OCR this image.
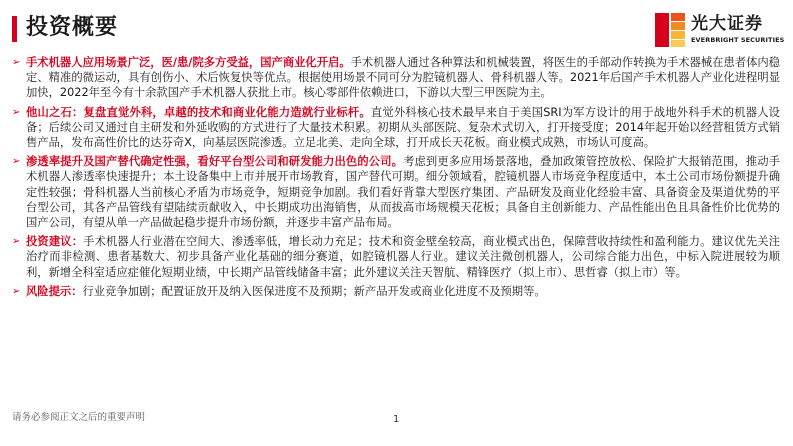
投资概要	光大证券
EVERBRIGHT SECURITIES
➢ 手术机器人应用场景广泛，医/患/院多方受益，国产商业化开启。手术机器人通过各种算法和机械装置，将医生的手部动作转换为手术器械在患者体内稳定、精准的微运动，具有创伤小、术后恢复快等优点。根据使用场景不同可分为腔镜机器人、骨科机器人等。2021年后国产手术机器人产业化进程明显加快，2022年至今有十余款国产手术机器人获批上市。核心零部件依赖进口，下游以大型三甲医院为主。
➢ 他山之石：复盘直觉外科，卓越的技术和商业化能力造就行业标杆。直觉外科核心技术最早来自于美国SRI为军方设计的用于战地外科手术的机器人设备；后续公司又通过自主研发和外延收购的方式进行了大量技术积累。初期从头部医院、复杂术式切入，打开接受度；2014年起开始以经营租赁方式销售产品，发布高性价比的达芬奇X，向基层医院渗透。立足北美、走向全球，打开成长天花板。商业模式成熟，市场认可度高。
➢ 渗透率提升及国产替代确定性强，看好平台型公司和研发能力出色的公司。考虑到更多应用场景落地，叠加政策管控放松、保险扩大报销范围，推动手术机器人渗透率快速提升；本土设备集中上市并展开市场教育，国产替代可期。细分领域看，腔镜机器人市场竞争程度适中，本土公司市场份额提升确定性较强；骨科机器人当前核心矛盾为市场竞争，短期竞争加剧。我们看好背靠大型医疗集团、产品研发及商业化经验丰富、具备资金及渠道优势的平台型公司，其各产品管线有望陆续贡献收入，中长期成功出海销售，从而拔高市场规模天花板；具备自主创新能力、产品性能出色且具备性价比优势的国产公司，有望从单一产品做起稳步提升市场份额，并逐步丰富产品布局。
➢ 投资建议：手术机器人行业潜在空间大、渗透率低，增长动力充足；技术和资金壁垒较高，商业模式出色，保障营收持续性和盈利能力。建议优先关注治疗而非检测、患者基数大、初步具备产业化基础的细分赛道，如腔镜机器人行业。建议关注微创机器人，公司综合能力出色，中标入院进展较为顺利，新增全科室适应症催化短期业绩，中长期产品管线储备丰富；此外建议关注天智航、精锋医疗（拟上市）、思哲睿（拟上市）等。
➢ 风险提示：行业竞争加剧；配置证放开及纳入医保进度不及预期；新产品开发或商业化进度不及预期等。
请务必参阅正文之后的重要声明	1
